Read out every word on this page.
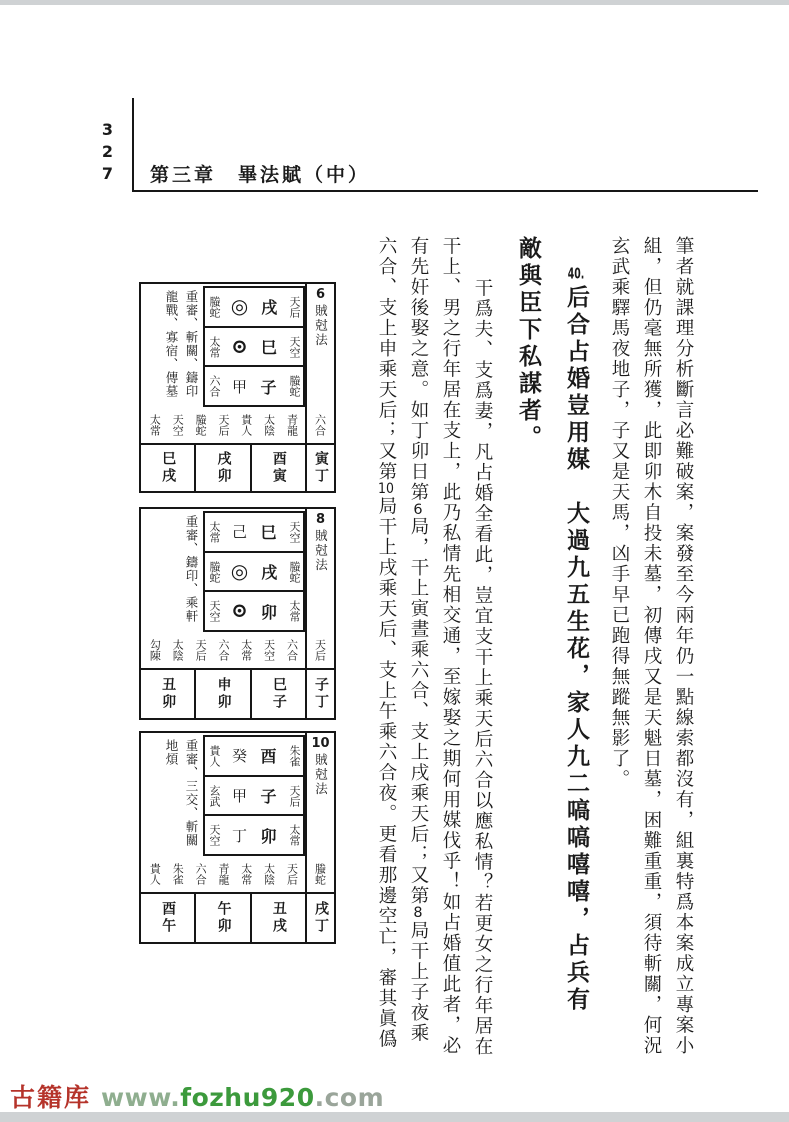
327 第三章　畢法賦（中）
筆者就課理分析斷言必難破案，案發至今兩年仍一點線索都沒有，組裏特爲本案成立專案小
組，但仍毫無所獲，此即卯木自投未墓，初傳戌又是天魁日墓，困難重重，須待斬關，何況
玄武乘驛馬夜地子，子又是天馬，凶手早已跑得無蹤無影了。
40.后合占婚豈用媒　大過九五生花，家人九二嗃嗃嘻嘻，占兵有
敵與臣下私謀者。
干爲夫、支爲妻，凡占婚全看此，豈宜支干上乘天后六合以應私情？若更女之行年居在
干上、男之行年居在支上，此乃私情先相交通，至嫁娶之期何用媒伐乎！如占婚值此者，必
有先奸後娶之意。如丁卯日第6局，干上寅晝乘六合、支上戌乘天后；又第8局干上子夜乘
六合、支上申乘天后；又第10局干上戌乘天后、支上午乘六合夜。更看那邊空亡，審其眞僞
重審、斬關、鑄印
龍戰、寡宿、傳墓	螣蛇 ◎ 戌 天后
太常 ⊙ 巳 天空
六合 甲 子 螣蛇
6
賊尅法
太常 天空 螣蛇 天后 貴人 太陰 青龍 六合
巳戌	戌卯	酉寅 寅丁
重審、鑄印、乘軒 太常 己 巳 天空
螣蛇 ◎ 戌 螣蛇
天空 ⊙ 卯 太常
8
賊尅法
勾陳 太陰 天后 六合 太常 天空 六合 天后
丑卯	申卯	巳子 子丁
重審、三交、斬關
地煩	貴人 癸 酉 朱雀
玄武 甲 子 天后
天空 丁 卯 太常
10
賊尅法
貴人 朱雀 六合 青龍 太常 太陰 天后 螣蛇
酉午	午卯	丑戌 戌丁
古籍库 www.fozhu920.com
